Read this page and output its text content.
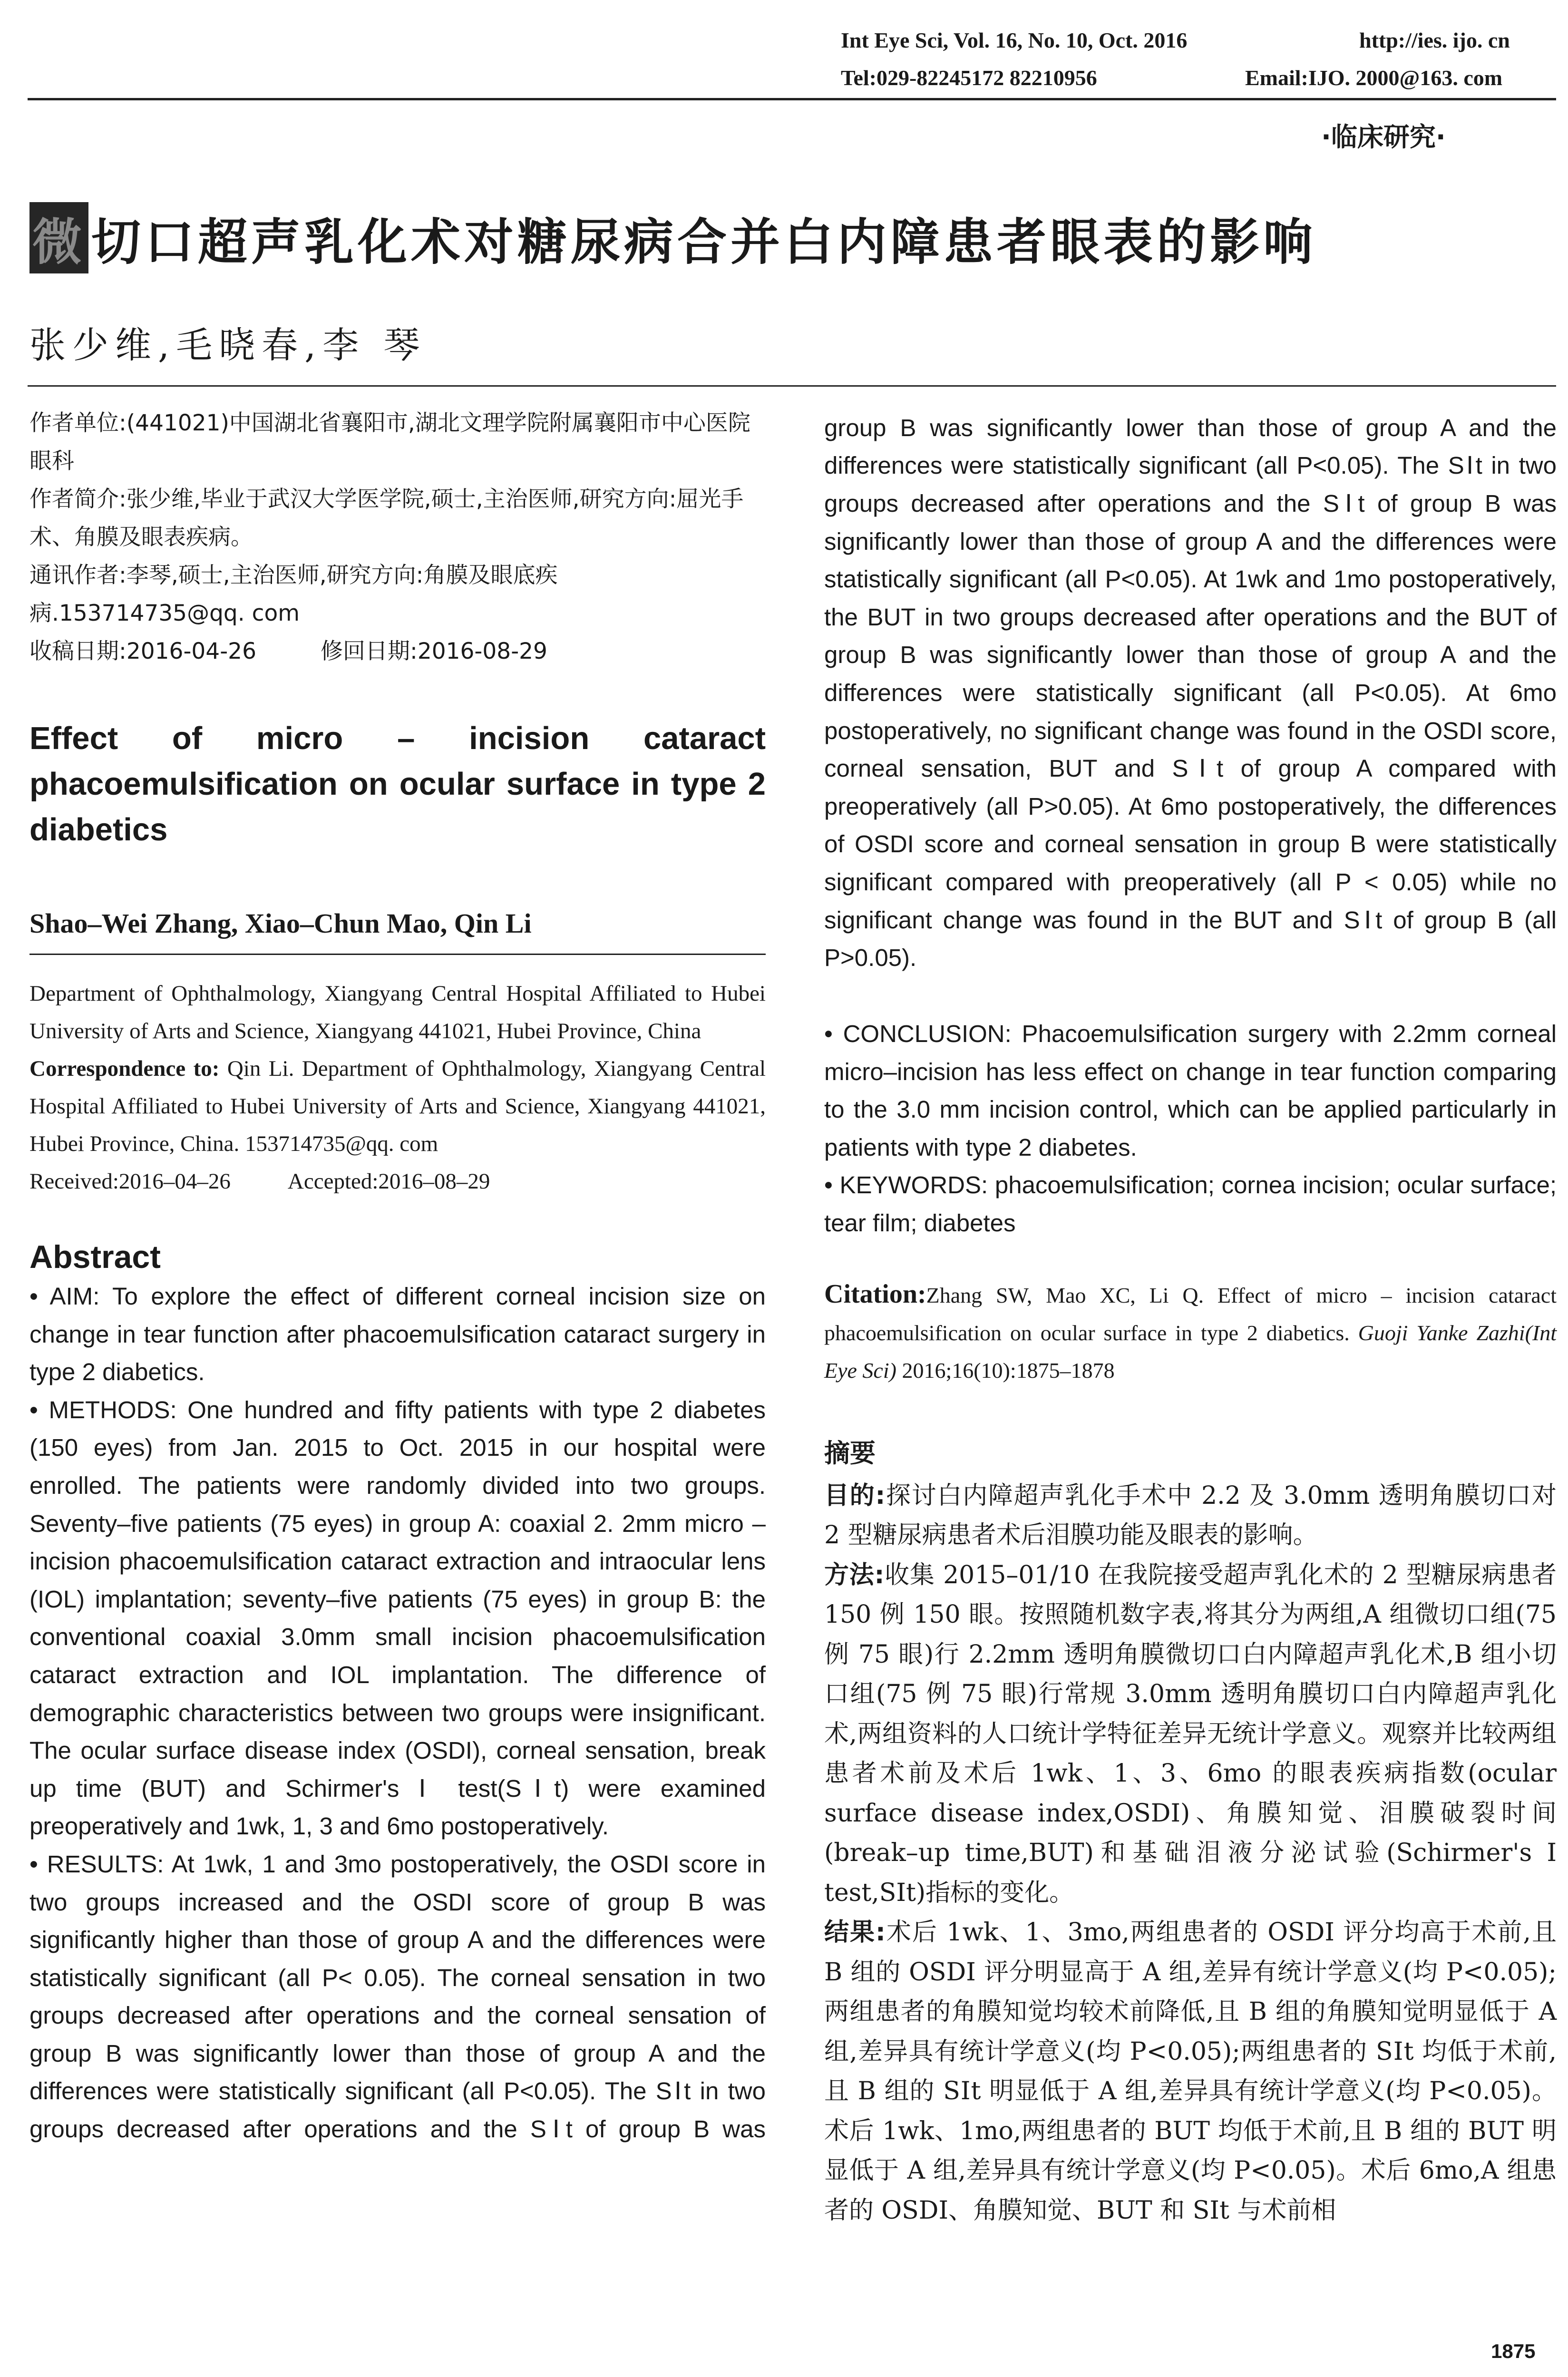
Int Eye Sci, Vol. 16, No. 10, Oct. 2016	http://ies. ijo. cn
Tel:029-82245172 82210956	Email:IJO. 2000@163. com
·临床研究·
微 切口超声乳化术对糖尿病合并白内障患者眼表的影响
张少维,毛晓春,李 琴
作者单位:(441021)中国湖北省襄阳市,湖北文理学院附属襄阳市中心医院眼科
作者简介:张少维,毕业于武汉大学医学院,硕士,主治医师,研究方向:屈光手术、角膜及眼表疾病。
通讯作者:李琴,硕士,主治医师,研究方向:角膜及眼底疾病.153714735@qq. com
收稿日期:2016-04-26	修回日期:2016-08-29
Effect of micro – incision cataract phacoemulsification on ocular surface in type 2 diabetics
Shao–Wei Zhang, Xiao–Chun Mao, Qin Li
Department of Ophthalmology, Xiangyang Central Hospital Affiliated to Hubei University of Arts and Science, Xiangyang 441021, Hubei Province, China
Correspondence to: Qin Li. Department of Ophthalmology, Xiangyang Central Hospital Affiliated to Hubei University of Arts and Science, Xiangyang 441021, Hubei Province, China. 153714735@qq. com
Received:2016–04–26	Accepted:2016–08–29
Abstract

• AIM: To explore the effect of different corneal incision size on change in tear function after phacoemulsification cataract surgery in type 2 diabetics.

• METHODS: One hundred and fifty patients with type 2 diabetes (150 eyes) from Jan. 2015 to Oct. 2015 in our hospital were enrolled. The patients were randomly divided into two groups. Seventy–five patients (75 eyes) in group A: coaxial 2. 2mm micro – incision phacoemulsification cataract extraction and intraocular lens (IOL) implantation; seventy–five patients (75 eyes) in group B: the conventional coaxial 3.0mm small incision phacoemulsification cataract extraction and IOL implantation. The difference of demographic characteristics between two groups were insignificant. The ocular surface disease index (OSDI), corneal sensation, break up time (BUT) and Schirmer's Ⅰ test(SⅠt) were examined preoperatively and 1wk, 1, 3 and 6mo postoperatively.

• RESULTS: At 1wk, 1 and 3mo postoperatively, the OSDI score in two groups increased and the OSDI score of group B was significantly higher than those of group A and the differences were statistically significant (all P< 0.05). The corneal sensation in two groups decreased after operations and the corneal sensation of group B was significantly lower than those of group A and the differences were statistically significant (all P<0.05). The SⅠt in two groups decreased after operations and the SⅠt of group B was

group B was significantly lower than those of group A and the differences were statistically significant (all P<0.05). The SⅠt in two groups decreased after operations and the SⅠt of group B was significantly lower than those of group A and the differences were statistically significant (all P<0.05). At 1wk and 1mo postoperatively, the BUT in two groups decreased after operations and the BUT of group B was significantly lower than those of group A and the differences were statistically significant (all P<0.05). At 6mo postoperatively, no significant change was found in the OSDI score, corneal sensation, BUT and SⅠt of group A compared with preoperatively (all P>0.05). At 6mo postoperatively, the differences of OSDI score and corneal sensation in group B were statistically significant compared with preoperatively (all P < 0.05) while no significant change was found in the BUT and SⅠt of group B (all P>0.05).

• CONCLUSION: Phacoemulsification surgery with 2.2mm corneal micro–incision has less effect on change in tear function comparing to the 3.0 mm incision control, which can be applied particularly in patients with type 2 diabetes.

• KEYWORDS: phacoemulsification; cornea incision; ocular surface; tear film; diabetes

Citation:Zhang SW, Mao XC, Li Q. Effect of micro – incision cataract phacoemulsification on ocular surface in type 2 diabetics. Guoji Yanke Zazhi(Int Eye Sci) 2016;16(10):1875–1878
摘要

目的:探讨白内障超声乳化手术中 2.2 及 3.0mm 透明角膜切口对 2 型糖尿病患者术后泪膜功能及眼表的影响。

方法:收集 2015–01/10 在我院接受超声乳化术的 2 型糖尿病患者 150 例 150 眼。按照随机数字表,将其分为两组,A 组微切口组(75 例 75 眼)行 2.2mm 透明角膜微切口白内障超声乳化术,B 组小切口组(75 例 75 眼)行常规 3.0mm 透明角膜切口白内障超声乳化术,两组资料的人口统计学特征差异无统计学意义。观察并比较两组患者术前及术后 1wk、1、3、6mo 的眼表疾病指数(ocular surface disease index,OSDI)、角膜知觉、泪膜破裂时间(break–up time,BUT)和基础泪液分泌试验(Schirmer's Ⅰ test,SⅠt)指标的变化。

结果:术后 1wk、1、3mo,两组患者的 OSDI 评分均高于术前,且 B 组的 OSDI 评分明显高于 A 组,差异有统计学意义(均 P<0.05);两组患者的角膜知觉均较术前降低,且 B 组的角膜知觉明显低于 A 组,差异具有统计学意义(均 P<0.05);两组患者的 SⅠt 均低于术前,且 B 组的 SⅠt 明显低于 A 组,差异具有统计学意义(均 P<0.05)。术后 1wk、1mo,两组患者的 BUT 均低于术前,且 B 组的 BUT 明显低于 A 组,差异具有统计学意义(均 P<0.05)。术后 6mo,A 组患者的 OSDI、角膜知觉、BUT 和 SⅠt 与术前相

1875
